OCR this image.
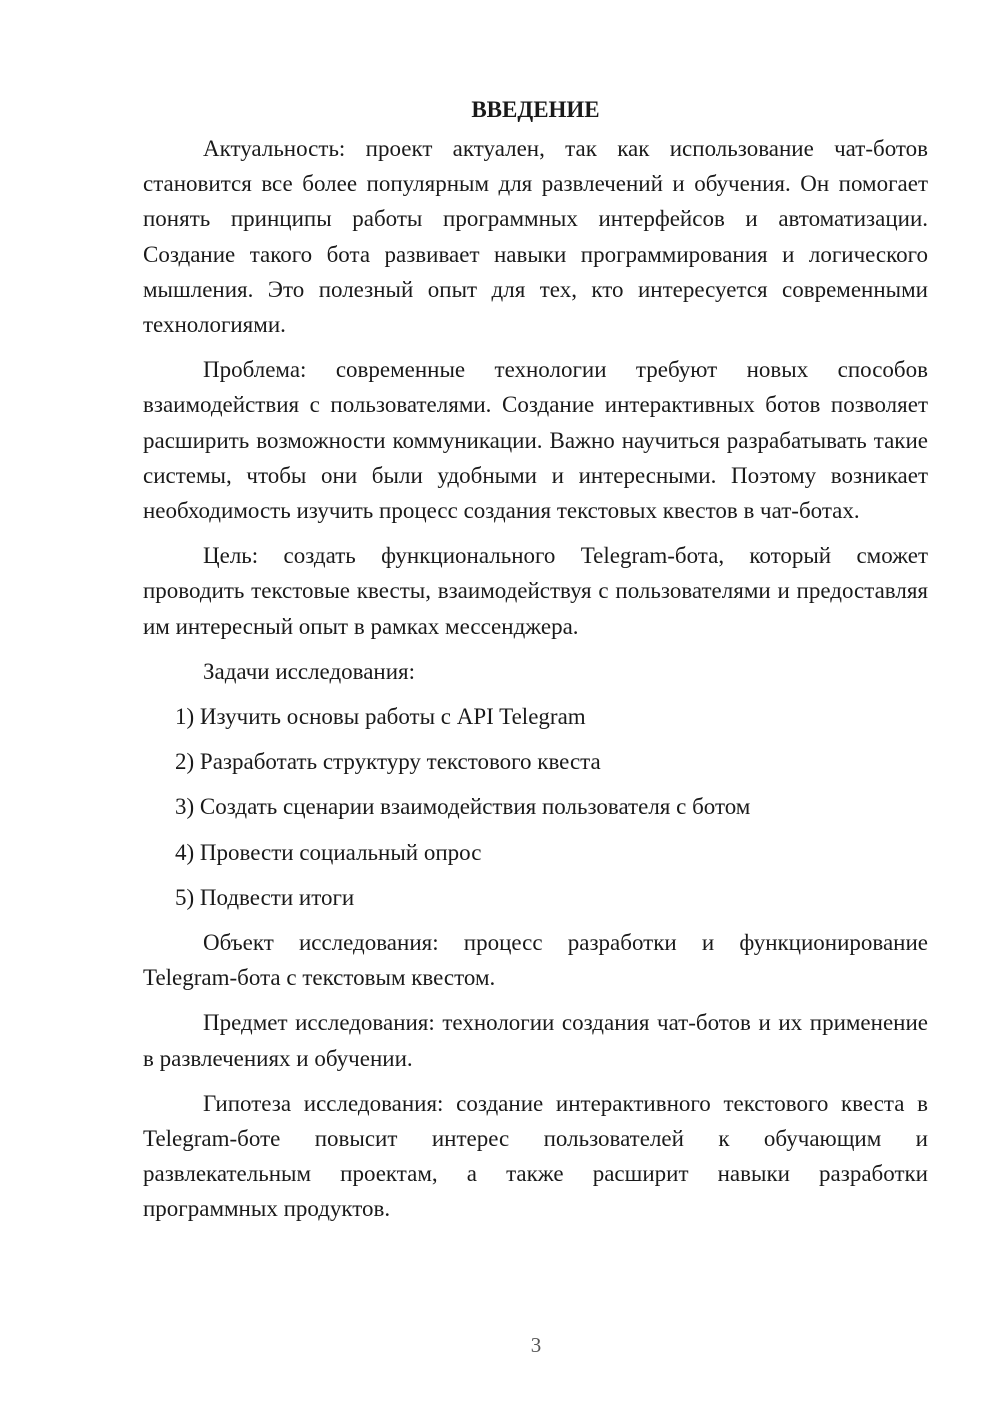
ВВЕДЕНИЕ

Актуальность: проект актуален, так как использование чат-ботов становится все более популярным для развлечений и обучения. Он помогает понять принципы работы программных интерфейсов и автоматизации. Создание такого бота развивает навыки программирования и логического мышления. Это полезный опыт для тех, кто интересуется современными технологиями.

Проблема: современные технологии требуют новых способов взаимодействия с пользователями. Создание интерактивных ботов позволяет расширить возможности коммуникации. Важно научиться разрабатывать такие системы, чтобы они были удобными и интересными. Поэтому возникает необходимость изучить процесс создания текстовых квестов в чат-ботах.

Цель: создать функционального Telegram-бота, который сможет проводить текстовые квесты, взаимодействуя с пользователями и предоставляя им интересный опыт в рамках мессенджера.

Задачи исследования:

1) Изучить основы работы с API Telegram
2) Разработать структуру текстового квеста
3) Создать сценарии взаимодействия пользователя с ботом
4) Провести социальный опрос
5) Подвести итоги

Объект исследования: процесс разработки и функционирование Telegram-бота с текстовым квестом.

Предмет исследования: технологии создания чат-ботов и их применение в развлечениях и обучении.

Гипотеза исследования: создание интерактивного текстового квеста в Telegram-боте повысит интерес пользователей к обучающим и развлекательным проектам, а также расширит навыки разработки программных продуктов.

3
